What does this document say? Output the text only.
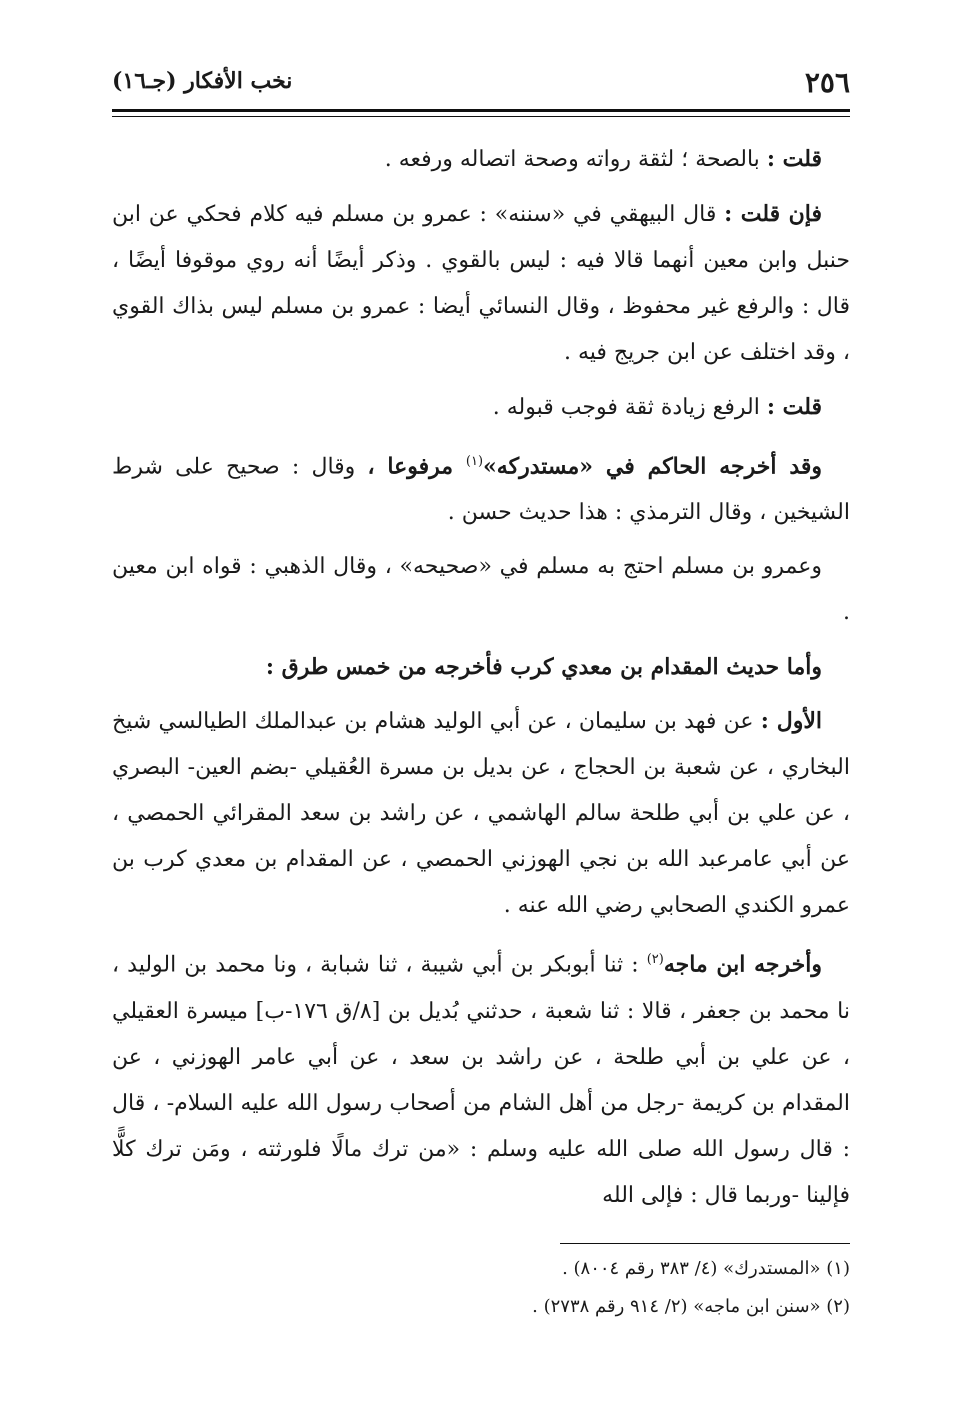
٢٥٦
نخب الأفكار (جـ١٦)

قلت : بالصحة ؛ لثقة رواته وصحة اتصاله ورفعه .

فإن قلت : قال البيهقي في «سننه» : عمرو بن مسلم فيه كلام فحكي عن ابن حنبل وابن معين أنهما قالا فيه : ليس بالقوي . وذكر أيضًا أنه روي موقوفا أيضًا ، قال : والرفع غير محفوظ ، وقال النسائي أيضا : عمرو بن مسلم ليس بذاك القوي ، وقد اختلف عن ابن جريج فيه .

قلت : الرفع زيادة ثقة فوجب قبوله .

وقد أخرجه الحاكم في «مستدركه»$^{(١)}$ مرفوعا ، وقال : صحيح على شرط الشيخين ، وقال الترمذي : هذا حديث حسن .

وعمرو بن مسلم احتج به مسلم في «صحيحه» ، وقال الذهبي : قواه ابن معين .

وأما حديث المقدام بن معدي كرب فأخرجه من خمس طرق :

الأول : عن فهد بن سليمان ، عن أبي الوليد هشام بن عبدالملك الطيالسي شيخ البخاري ، عن شعبة بن الحجاج ، عن بديل بن مسرة العُقيلي -بضم العين- البصري ، عن علي بن أبي طلحة سالم الهاشمي ، عن راشد بن سعد المقرائي الحمصي ، عن أبي عامرعبد الله بن نجي الهوزني الحمصي ، عن المقدام بن معدي كرب بن عمرو الكندي الصحابي رضي الله عنه .

وأخرجه ابن ماجه$^{(٢)}$ : ثنا أبوبكر بن أبي شيبة ، ثنا شبابة ، ونا محمد بن الوليد ، نا محمد بن جعفر ، قالا : ثنا شعبة ، حدثني بُديل بن [٨/ق ١٧٦-ب] ميسرة العقيلي ، عن علي بن أبي طلحة ، عن راشد بن سعد ، عن أبي عامر الهوزني ، عن المقدام بن كريمة -رجل من أهل الشام من أصحاب رسول الله عليه السلام- ، قال : قال رسول الله صلى الله عليه وسلم : «من ترك مالًا فلورثته ، ومَن ترك كلًّا فإلينا -وربما قال : فإلى الله

(١) «المستدرك» (٤/ ٣٨٣ رقم ٨٠٠٤) .
(٢) «سنن ابن ماجه» (٢/ ٩١٤ رقم ٢٧٣٨) .
